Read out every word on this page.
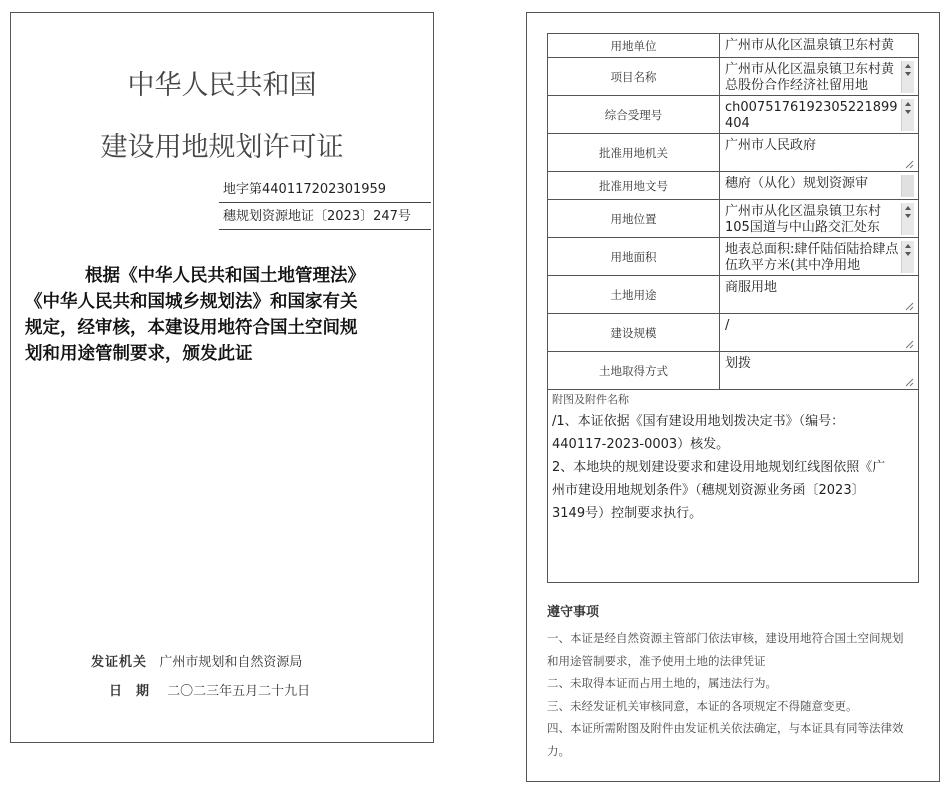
中华人民共和国
建设用地规划许可证
地字第440117202301959
穗规划资源地证〔2023〕247号
根据《中华人民共和国土地管理法》
《中华人民共和国城乡规划法》和国家有关
规定，经审核，本建设用地符合国土空间规
划和用途管制要求，颁发此证
发证机关 广州市规划和自然资源局
日期 二〇二三年五月二十九日
用地单位	广州市从化区温泉镇卫东村黄

项目名称	广州市从化区温泉镇卫东村黄总股份合作经济社留用地

综合受理号	ch0075176192305221899404

批准用地机关	广州市人民政府

批准用地文号	穗府（从化）规划资源审

用地位置	广州市从化区温泉镇卫东村105国道与中山路交汇处东

用地面积	地表总面积:肆仟陆佰陆拾肆点伍玖平方米(其中净用地

土地用途	商服用地

建设规模	/

土地取得方式	划拨
附图及附件名称
/1、本证依据《国有建设用地划拨决定书》（编号：
440117-2023-0003）核发。
2、本地块的规划建设要求和建设用地规划红线图依照《广
州市建设用地规划条件》（穗规划资源业务函〔2023〕
3149号）控制要求执行。
遵守事项
一、本证是经自然资源主管部门依法审核，建设用地符合国土空间规划
和用途管制要求，准予使用土地的法律凭证
二、未取得本证而占用土地的，属违法行为。
三、未经发证机关审核同意，本证的各项规定不得随意变更。
四、本证所需附图及附件由发证机关依法确定，与本证具有同等法律效
力。
